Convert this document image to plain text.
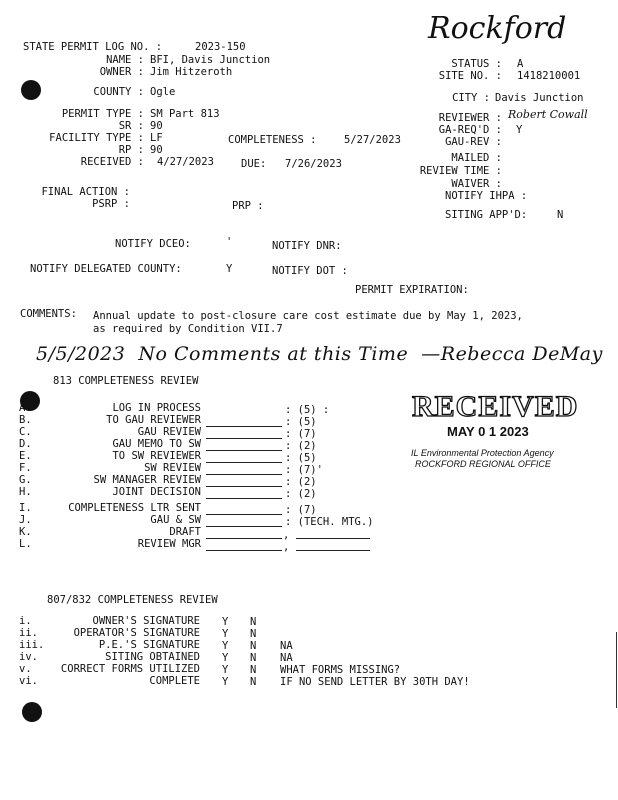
Rockford
STATE PERMIT LOG NO. :	2023-150
NAME : BFI, Davis Junction
OWNER : Jim Hitzeroth
COUNTY : Ogle
STATUS : A
SITE NO. : 1418210001
CITY : Davis Junction
PERMIT TYPE : SM Part 813
SR : 90
FACILITY TYPE : LF	COMPLETENESS :	5/27/2023
RP : 90
RECEIVED : 4/27/2023	DUE: 7/26/2023
REVIEWER : Robert Cowall
GA-REQ'D : Y
GAU-REV :
MAILED :
REVIEW TIME :
WAIVER :
NOTIFY IHPA :
SITING APP'D:	N
FINAL ACTION :
PSRP :	PRP :
NOTIFY DCEO:	'	NOTIFY DNR:
NOTIFY DELEGATED COUNTY:	Y	NOTIFY DOT :
PERMIT EXPIRATION:
COMMENTS: Annual update to post-closure care cost estimate due by May 1, 2023,
as required by Condition VII.7
5/5/2023  No Comments at this Time  —Rebecca DeMay
813 COMPLETENESS REVIEW
A.	LOG IN PROCESS	: (5) :
B.	TO GAU REVIEWER	: (5)
C.	GAU REVIEW	: (7)
D.	GAU MEMO TO SW	: (2)
E.	TO SW REVIEWER	: (5)
F.	SW REVIEW	: (7)'
G.	SW MANAGER REVIEW	: (2)
H.	JOINT DECISION	: (2)
I.	COMPLETENESS LTR SENT	: (7)
J.	GAU & SW	: (TECH. MTG.)
K.	DRAFT	,
L.	REVIEW MGR	,
RECEIVED
MAY 0 1 2023
IL Environmental Protection Agency
ROCKFORD REGIONAL OFFICE
807/832 COMPLETENESS REVIEW
i.	OWNER'S SIGNATURE Y N
ii.	OPERATOR'S SIGNATURE Y N
iii.	P.E.'S SIGNATURE Y N NA
iv.	SITING OBTAINED Y N NA
v.	CORRECT FORMS UTILIZED Y N WHAT FORMS MISSING?
vi.	COMPLETE Y N IF NO SEND LETTER BY 30TH DAY!
